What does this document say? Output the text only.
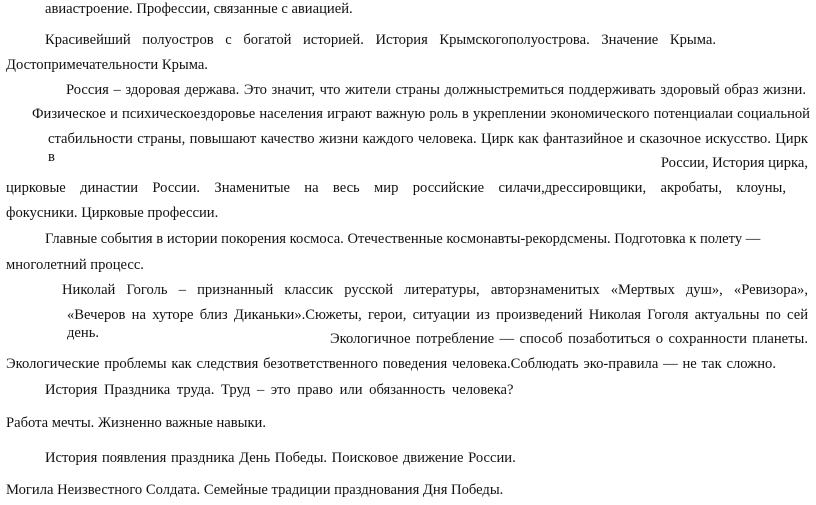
авиастроение. Профессии, связанные с авиацией.

Красивейший полуостров с богатой историей. История Крымскогополуострова. Значение Крыма.

Достопримечательности Крыма.

Россия – здоровая держава. Это значит, что жители страны должныстремиться поддерживать здоровый образ жизни.

Физическое и психическоездоровье населения играют важную роль в укреплении экономического потенциалаи социальной

стабильности страны, повышают качество жизни каждого человека. Цирк как фантазийное и сказочное искусство. Цирк в	России, История цирка,

цирковые династии России. Знаменитые на весь мир российские силачи,дрессировщики, акробаты, клоуны,

фокусники. Цирковые профессии.

Главные события в истории покорения космоса. Отечественные космонавты-рекордсмены. Подготовка к полету —

многолетний процесс.

Николай Гоголь – признанный классик русской литературы, авторзнаменитых «Мертвых душ», «Ревизора»,

«Вечеров на хуторе близ Диканьки».Сюжеты, герои, ситуации из произведений Николая Гоголя актуальны по сей день.	Экологичное потребление — способ позаботиться о сохранности планеты.

Экологические проблемы как следствия безответственного поведения человека.Соблюдать эко-правила — не так сложно.

История Праздника труда. Труд – это право или обязанность человека?

Работа мечты. Жизненно важные навыки.

История появления праздника День Победы. Поисковое движение России.

Могила Неизвестного Солдата. Семейные традиции празднования Дня Победы.
